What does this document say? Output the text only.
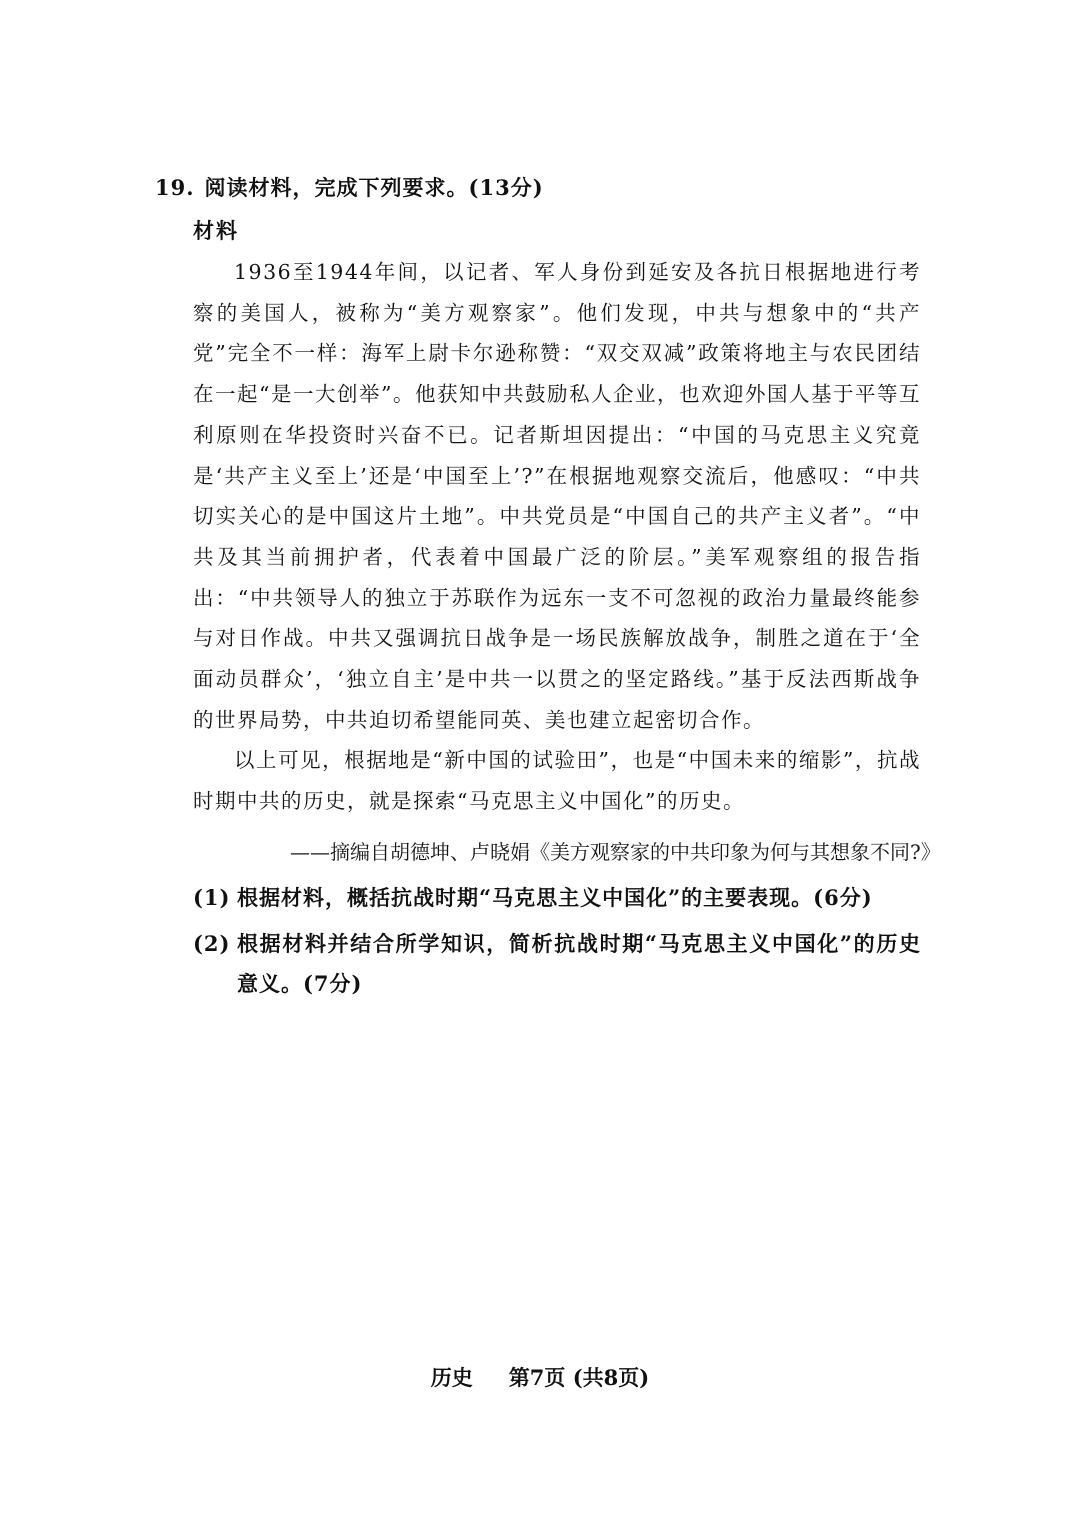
19. 阅读材料，完成下列要求。(13分)
材料

1936至1944年间，以记者、军人身份到延安及各抗日根据地进行考察的美国人，被称为“美方观察家”。他们发现，中共与想象中的“共产党”完全不一样：海军上尉卡尔逊称赞：“双交双减”政策将地主与农民团结在一起“是一大创举”。他获知中共鼓励私人企业，也欢迎外国人基于平等互利原则在华投资时兴奋不已。记者斯坦因提出：“中国的马克思主义究竟是‘共产主义至上’还是‘中国至上’?”在根据地观察交流后，他感叹：“中共切实关心的是中国这片土地”。中共党员是“中国自己的共产主义者”。“中共及其当前拥护者，代表着中国最广泛的阶层。”美军观察组的报告指出：“中共领导人的独立于苏联作为远东一支不可忽视的政治力量最终能参与对日作战。中共又强调抗日战争是一场民族解放战争，制胜之道在于‘全面动员群众’，‘独立自主’是中共一以贯之的坚定路线。”基于反法西斯战争的世界局势，中共迫切希望能同英、美也建立起密切合作。

以上可见，根据地是“新中国的试验田”，也是“中国未来的缩影”，抗战时期中共的历史，就是探索“马克思主义中国化”的历史。

——摘编自胡德坤、卢晓娟《美方观察家的中共印象为何与其想象不同?》
(1) 根据材料，概括抗战时期“马克思主义中国化”的主要表现。(6分)
(2) 根据材料并结合所学知识，简析抗战时期“马克思主义中国化”的历史意义。(7分)
历史 第7页 (共8页)
